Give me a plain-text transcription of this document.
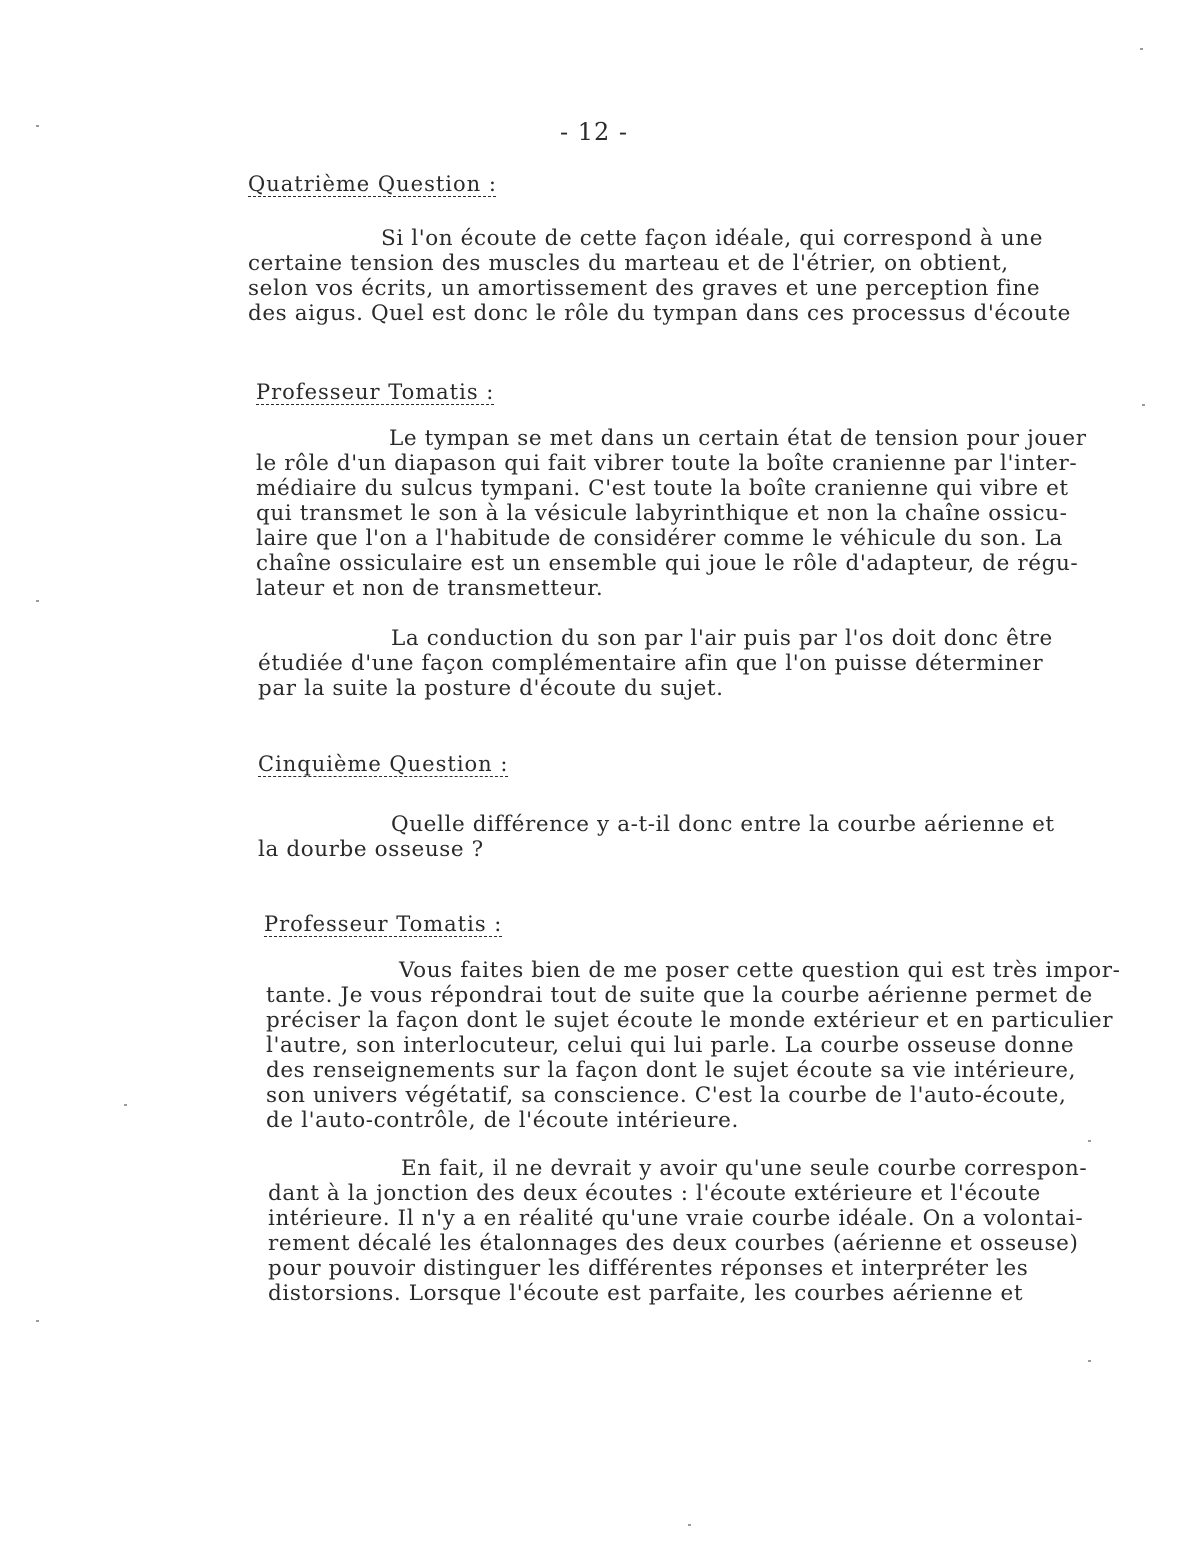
- 12 -
Quatrième Question :
Si l'on écoute de cette façon idéale, qui correspond à une
certaine tension des muscles du marteau et de l'étrier, on obtient,
selon vos écrits, un amortissement des graves et une perception fine
des aigus. Quel est donc le rôle du tympan dans ces processus d'écoute
Professeur Tomatis :
Le tympan se met dans un certain état de tension pour jouer
le rôle d'un diapason qui fait vibrer toute la boîte cranienne par l'inter-
médiaire du sulcus tympani. C'est toute la boîte cranienne qui vibre et
qui transmet le son à la vésicule labyrinthique et non la chaîne ossicu-
laire que l'on a l'habitude de considérer comme le véhicule du son. La
chaîne ossiculaire est un ensemble qui joue le rôle d'adapteur, de régu-
lateur et non de transmetteur.
La conduction du son par l'air puis par l'os doit donc être
étudiée d'une façon complémentaire afin que l'on puisse déterminer
par la suite la posture d'écoute du sujet.
Cinquième Question :
Quelle différence y a-t-il donc entre la courbe aérienne et
la dourbe osseuse ?
Professeur Tomatis :
Vous faites bien de me poser cette question qui est très impor-
tante. Je vous répondrai tout de suite que la courbe aérienne permet de
préciser la façon dont le sujet écoute le monde extérieur et en particulier
l'autre, son interlocuteur, celui qui lui parle. La courbe osseuse donne
des renseignements sur la façon dont le sujet écoute sa vie intérieure,
son univers végétatif, sa conscience. C'est la courbe de l'auto-écoute,
de l'auto-contrôle, de l'écoute intérieure.
En fait, il ne devrait y avoir qu'une seule courbe correspon-
dant à la jonction des deux écoutes : l'écoute extérieure et l'écoute
intérieure. Il n'y a en réalité qu'une vraie courbe idéale. On a volontai-
rement décalé les étalonnages des deux courbes (aérienne et osseuse)
pour pouvoir distinguer les différentes réponses et interpréter les
distorsions. Lorsque l'écoute est parfaite, les courbes aérienne et
